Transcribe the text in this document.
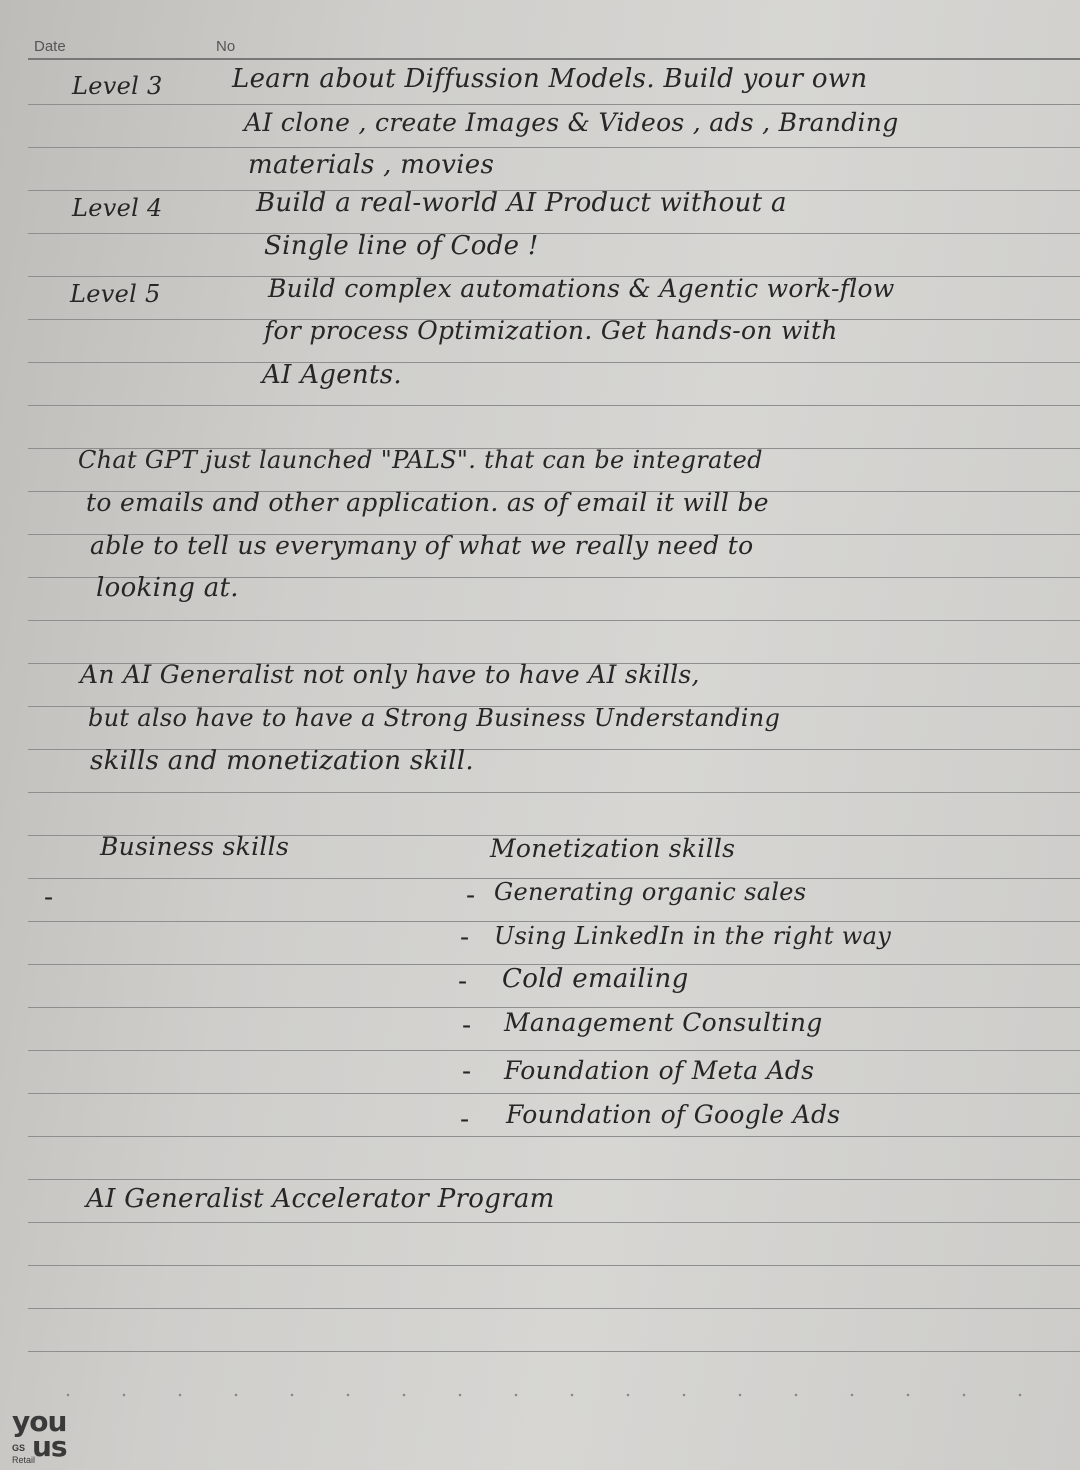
Date	No
Level 3	Learn about Diffussion Models. Build your own
AI clone , create Images & Videos , ads , Branding
materials , movies
Level 4	Build a real-world AI Product without a
Single line of Code !
Level 5	Build complex automations & Agentic work-flow
for process Optimization. Get hands-on with
AI Agents.
Chat GPT just launched "PALS". that can be integrated
to emails and other application. as of email it will be
able to tell us everymany of what we really need to
looking at.
An AI Generalist not only have to have AI skills,
but also have to have a Strong Business Understanding
skills and monetization skill.
Business skills	Monetization skills
-	- Generating organic sales
- Using LinkedIn in the right way
- Cold emailing
- Management Consulting
- Foundation of Meta Ads
- Foundation of Google Ads
AI Generalist Accelerator Program
you
us
GS
Retail
